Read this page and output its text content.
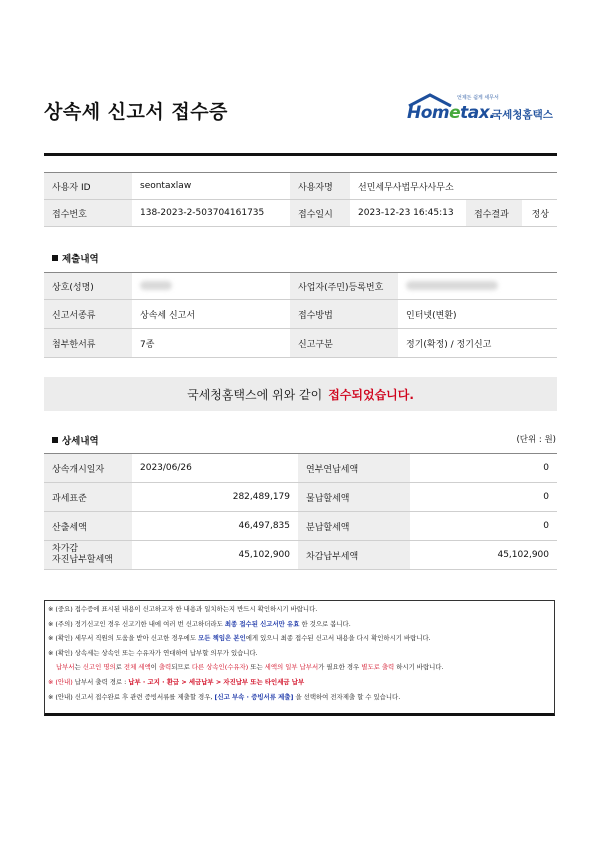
상속세 신고서 접수증
언제든 쉽게 세무서
Hometax.
국세청홈택스
사용자 ID	seontaxlaw	사용자명	선민세무사법무사사무소		
접수번호	138-2023-2-503704161735	접수일시	2023-12-23 16:45:13	접수결과	정상
제출내역
상호(성명)		사업자(주민)등록번호	
신고서종류	상속세 신고서	접수방법	인터넷(변환)
첨부한서류	7종	신고구분	정기(확정) / 정기신고
국세청홈택스에 위와 같이 접수되었습니다.
상세내역	(단위 : 원)
상속개시일자	2023/06/26	연부연납세액	0
과세표준	282,489,179	물납할세액	0
산출세액	46,497,835	분납할세액	0
차가감
자진납부할세액	45,102,900	차감납부세액	45,102,900
※ (중요) 접수증에 표시된 내용이 신고하고자 한 내용과 일치하는지 반드시 확인하시기 바랍니다.
※ (주의) 정기신고인 경우 신고기한 내에 여러 번 신고하더라도 최종 접수된 신고서만 유효 한 것으로 봅니다.
※ (확인) 세무서 직원의 도움을 받아 신고한 경우에도 모든 책임은 본인에게 있으니 최종 접수된 신고서 내용을 다시 확인하시기 바랍니다.
※ (확인) 상속세는 상속인 또는 수유자가 연대하여 납부할 의무가 있습니다.
납부서는 신고인 명의로 전체 세액이 출력되므로 다른 상속인(수유자) 또는 세액의 일부 납부서가 필요한 경우 별도로 출력 하시기 바랍니다.
※ (안내) 납부서 출력 경로 : 납부 · 고지 · 환급 > 세금납부 > 자진납부 또는 타인세금 납부
※ (안내) 신고서 접수완료 후 관련 증빙서류를 제출할 경우, [신고 부속 · 증빙서류 제출] 을 선택하여 전자제출 할 수 있습니다.
